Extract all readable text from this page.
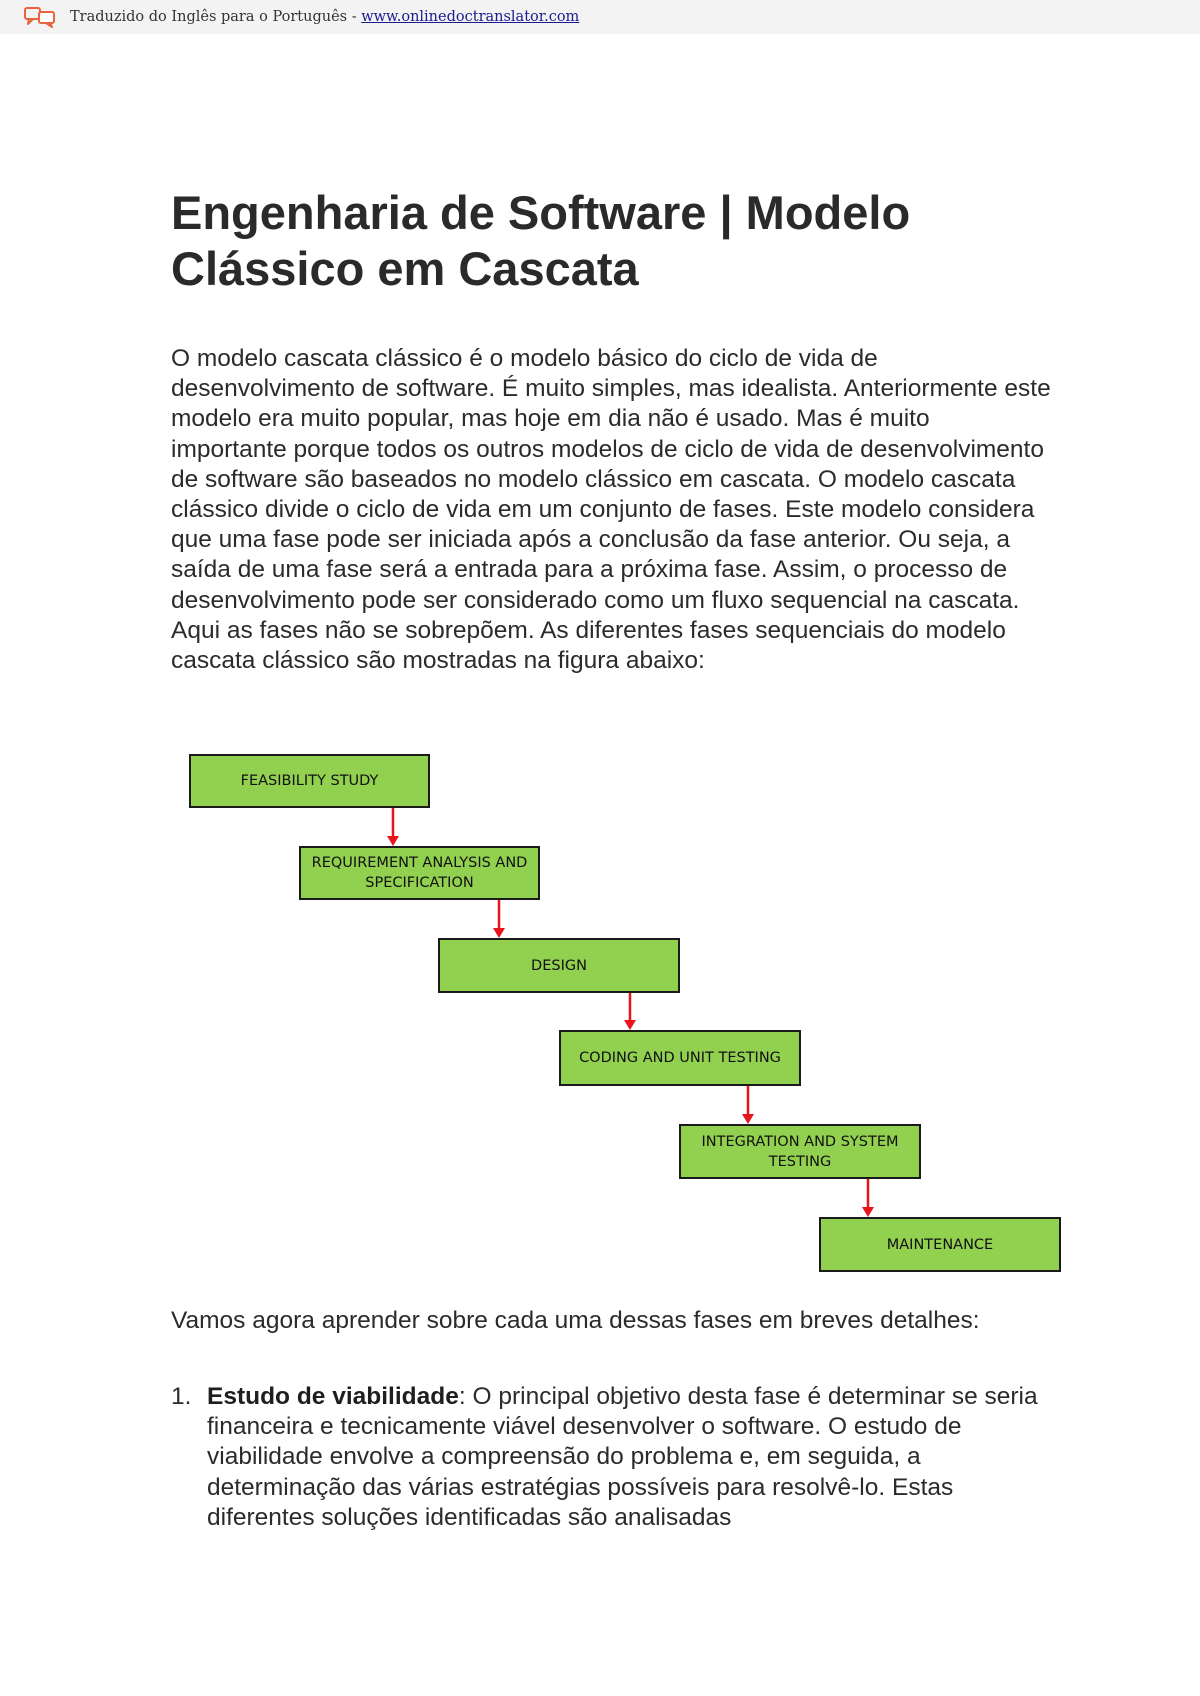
Traduzido do Inglês para o Português - www.onlinedoctranslator.com
Engenharia de Software | Modelo
Clássico em Cascata

O modelo cascata clássico é o modelo básico do ciclo de vida de desenvolvimento de software. É muito simples, mas idealista. Anteriormente este modelo era muito popular, mas hoje em dia não é usado. Mas é muito importante porque todos os outros modelos de ciclo de vida de desenvolvimento de software são baseados no modelo clássico em cascata. O modelo cascata clássico divide o ciclo de vida em um conjunto de fases. Este modelo considera que uma fase pode ser iniciada após a conclusão da fase anterior. Ou seja, a saída de uma fase será a entrada para a próxima fase. Assim, o processo de desenvolvimento pode ser considerado como um fluxo sequencial na cascata. Aqui as fases não se sobrepõem. As diferentes fases sequenciais do modelo cascata clássico são mostradas na figura abaixo:

FEASIBILITY STUDY
REQUIREMENT ANALYSIS AND SPECIFICATION
DESIGN
CODING AND UNIT TESTING
INTEGRATION AND SYSTEM TESTING
MAINTENANCE

Vamos agora aprender sobre cada uma dessas fases em breves detalhes:

1. Estudo de viabilidade: O principal objetivo desta fase é determinar se seria financeira e tecnicamente viável desenvolver o software. O estudo de viabilidade envolve a compreensão do problema e, em seguida, a determinação das várias estratégias possíveis para resolvê-lo. Estas diferentes soluções identificadas são analisadas
